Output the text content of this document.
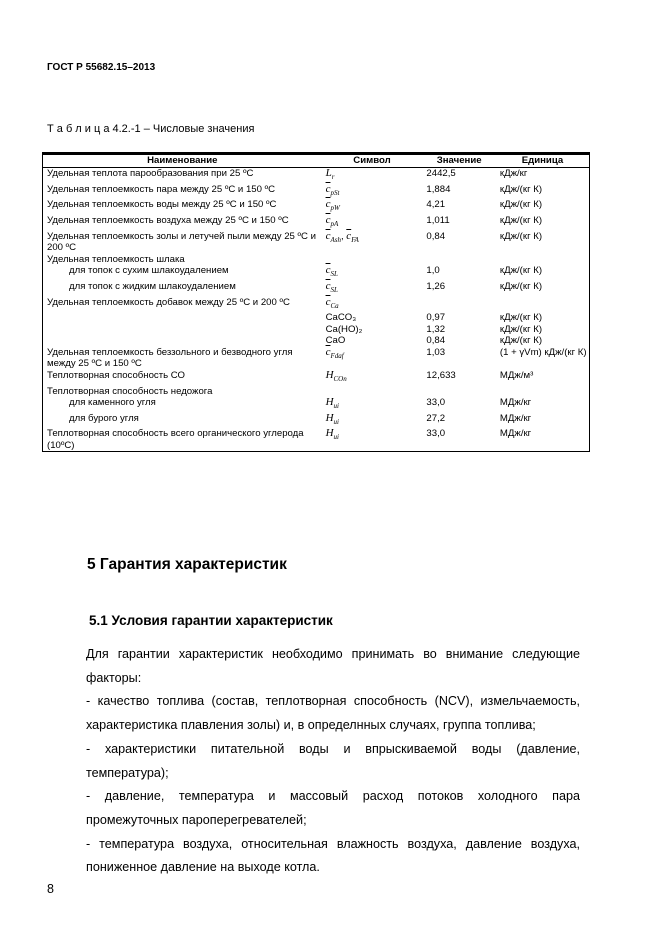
ГОСТ Р 55682.15–2013
Т а б л и ц а 4.2.-1 – Числовые значения
Наименование	Символ	Значение	Единица
Удельная теплота парообразования при 25 ºС	$L_r$	2442,5	кДж/кг
Удельная теплоемкость пара между 25 ºС и 150 ºС	$\overline{c}_{pSt}$	1,884	кДж/(кг К)
Удельная теплоемкость воды между 25 ºС и 150 ºС	$\overline{c}_{pW}$	4,21	кДж/(кг К)
Удельная теплоемкость воздуха между 25 ºС и 150 ºС	$\overline{c}_{pA}$	1,011	кДж/(кг К)
Удельная теплоемкость золы и летучей пыли между 25 ºС и 200 ºС	$\overline{c}_{Ash}$, $\overline{c}_{FA}$	0,84	кДж/(кг К)
Удельная теплоемкость шлака			

для топок с сухим шлакоудалением	$\overline{c}_{SL}$	1,0	кДж/(кг К)

для топок с жидким шлакоудалением	$\overline{c}_{SL}$	1,26	кДж/(кг К)
Удельная теплоемкость добавок между 25 ºС и 200 ºС	$\overline{c}_{Ca}$		
	CaCO₃	0,97	кДж/(кг К)
	Ca(HO)₂	1,32	кДж/(кг К)
	CaO	0,84	кДж/(кг К)
Удельная теплоемкость беззольного и безводного угля между 25 ºС и 150 ºС	$\overline{c}_{Fdaf}$	1,03	(1 + γVm) кДж/(кг К)
Теплотворная способность СО	$H_{COn}$	12,633	МДж/м³
Теплотворная способность недожога			

для каменного угля	$H_{ui}$	33,0	МДж/кг

для бурого угля	$H_{ui}$	27,2	МДж/кг
Теплотворная способность всего органического углерода (10ºС)	$H_{ui}$	33,0	МДж/кг
5 Гарантия характеристик
5.1 Условия гарантии характеристик

Для гарантии характеристик необходимо принимать во внимание следующие факторы:

- качество топлива (состав, теплотворная способность (NCV), измельчаемость, характеристика плавления золы) и, в определнных случаях, группа топлива;

- характеристики питательной воды и впрыскиваемой воды (давление, температура);

- давление, температура и массовый расход потоков холодного пара промежуточных пароперегревателей;

- температура воздуха, относительная влажность воздуха, давление воздуха, пониженное давление на выходе котла.

8
